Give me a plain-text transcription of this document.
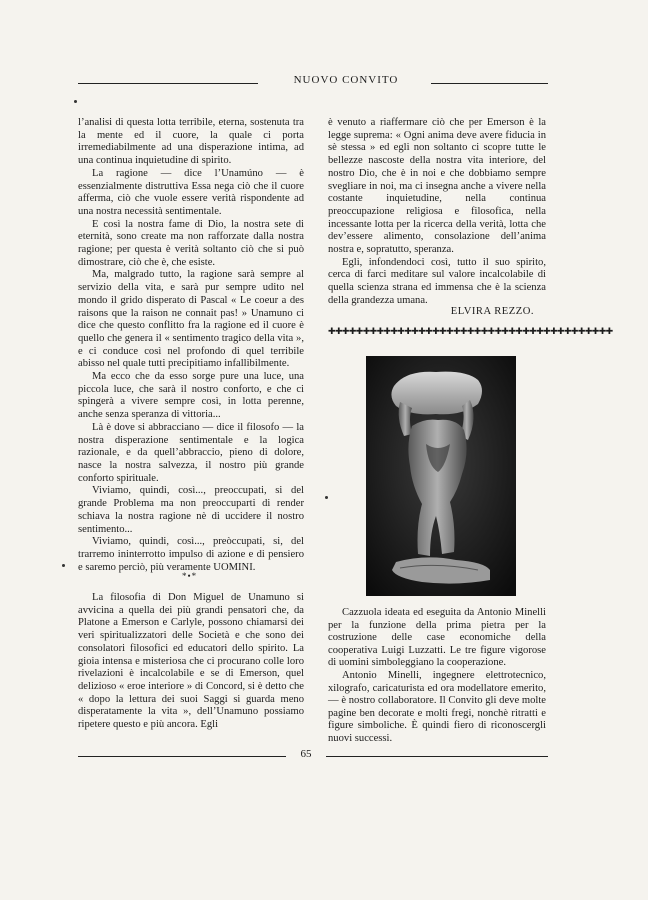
NUOVO CONVITO

l’analisi di questa lotta terribile, eterna, sostenuta tra la mente ed il cuore, la quale ci porta irremediabilmente ad una disperazione intima, ad una continua inquietudine di spirito.

La ragione — dice l’Unamúno — è essenzialmente distruttiva Essa nega ciò che il cuore afferma, ciò che vuole essere verità rispondente ad una nostra necessità sentimentale.

E così la nostra fame di Dio, la nostra sete di eternità, sono create ma non rafforzate dalla nostra ragione; per questa è verità soltanto ciò che si può dimostrare, ciò che è, che esiste.

Ma, malgrado tutto, la ragione sarà sempre al servizio della vita, e sarà pur sempre udito nel mondo il grido disperato di Pascal « Le coeur a des raisons que la raison ne connait pas! » Unamuno ci dice che questo conflitto fra la ragione ed il cuore è quello che genera il « sentimento tragico della vita », e ci conduce così nel profondo di quel terribile abisso nel quale tutti precipitiamo infallibilmente.

Ma ecco che da esso sorge pure una luce, una piccola luce, che sarà il nostro conforto, e che ci spingerà a vivere sempre così, in lotta perenne, anche senza speranza di vittoria...

Là è dove si abbracciano — dice il filosofo — la nostra disperazione sentimentale e la logica razionale, e da quell’abbraccio, pieno di dolore, nasce la nostra salvezza, il nostro più grande conforto spirituale.

Viviamo, quindi, così..., preoccupati, si del grande Problema ma non preoccuparti di render schiava la nostra ragione nè di uccidere il nostro sentimento...

Viviamo, quindi, così..., preòccupati, si, del trarremo ininterrotto impulso di azione e di pensiero e saremo perciò, più veramente UOMINI.

*•*

La filosofia di Don Miguel de Unamuno si avvicina a quella dei più grandi pensatori che, da Platone a Emerson e Carlyle, possono chiamarsi dei veri spiritualizzatori delle Società e che sono dei consolatori filosofici ed educatori dello spirito. La gioia intensa e misteriosa che ci procurano colle loro rivelazioni è incalcolabile e se di Emerson, quel delizioso « eroe interiore » di Concord, si è detto che « dopo la lettura dei suoi Saggi si guarda meno disperatamente la vita », dell’Unamuno possiamo ripetere questo e più ancora. Egli

è venuto a riaffermare ciò che per Emerson è la legge suprema: « Ogni anima deve avere fiducia in sè stessa » ed egli non soltanto ci scopre tutte le bellezze nascoste della nostra vita interiore, del nostro Dio, che è in noi e che dobbiamo sempre svegliare in noi, ma ci insegna anche a vivere nella costante inquietudine, nella continua preoccupazione religiosa e filosofica, nella incessante lotta per la ricerca della verità, lotta che dev’essere alimento, consolazione dell’anima nostra e, sopratutto, speranza.

Egli, infondendoci così, tutto il suo spirito, cerca di farci meditare sul valore incalcolabile di quella scienza strana ed immensa che è la scienza della grandezza umana.

ELVIRA REZZO.
✚✚✚✚✚✚✚✚✚✚✚✚✚✚✚✚✚✚✚✚✚✚✚✚✚✚✚✚✚✚✚✚✚✚✚✚✚✚✚✚✚

Cazzuola ideata ed eseguita da Antonio Minelli per la funzione della prima pietra per la costruzione delle case economiche della cooperativa Luigi Luzzatti. Le tre figure vigorose di uomini simboleggiano la cooperazione.

Antonio Minelli, ingegnere elettrotecnico, xilografo, caricaturista ed ora modellatore emerito, — è nostro collaboratore. Il Convito gli deve molte pagine ben decorate e molti fregi, nonchè ritratti e figure simboliche. È quindi fiero di riconoscergli nuovi successi.

65
